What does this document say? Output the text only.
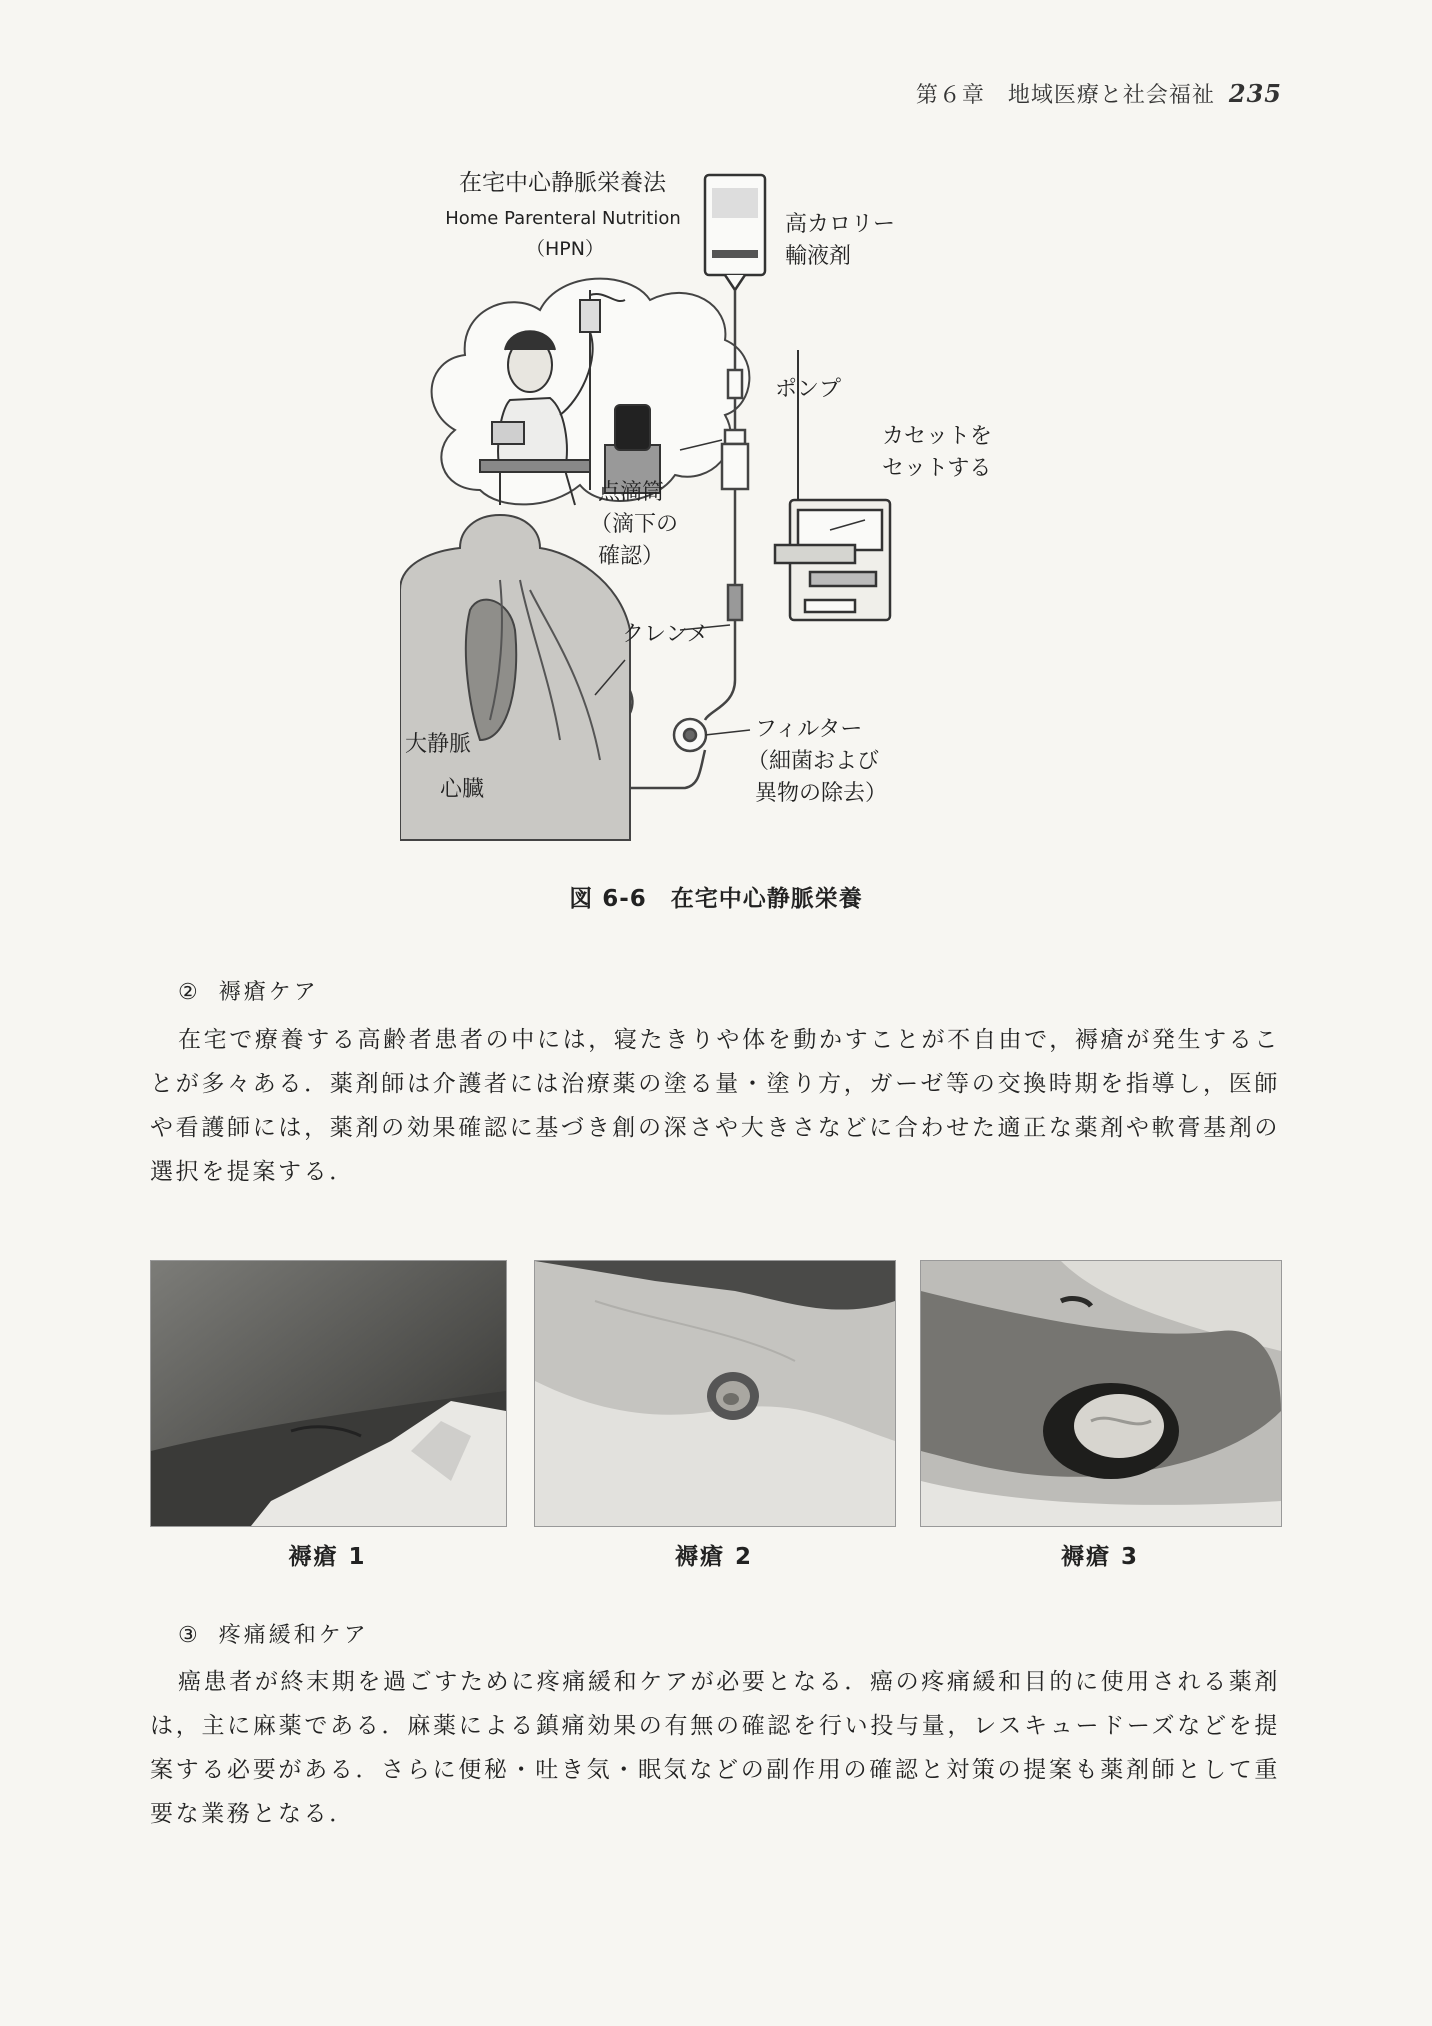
第６章　地域医療と社会福祉 235
在宅中心静脈栄養法
Home Parenteral Nutrition
（HPN）
高カロリー
輸液剤
ポンプ
カセットを
セットする
点滴筒
（滴下の
確認）
クレンメ
フィルター
（細菌および
異物の除去）
大静脈
心臓
図 6-6 在宅中心静脈栄養
② 褥瘡ケア

在宅で療養する高齢者患者の中には，寝たきりや体を動かすことが不自由で，褥瘡が発生することが多々ある．薬剤師は介護者には治療薬の塗る量・塗り方，ガーゼ等の交換時期を指導し，医師や看護師には，薬剤の効果確認に基づき創の深さや大きさなどに合わせた適正な薬剤や軟膏基剤の選択を提案する．

褥瘡 1	褥瘡 2	褥瘡 3
③ 疼痛緩和ケア

癌患者が終末期を過ごすために疼痛緩和ケアが必要となる．癌の疼痛緩和目的に使用される薬剤は，主に麻薬である．麻薬による鎮痛効果の有無の確認を行い投与量，レスキュードーズなどを提案する必要がある．さらに便秘・吐き気・眠気などの副作用の確認と対策の提案も薬剤師として重要な業務となる．
